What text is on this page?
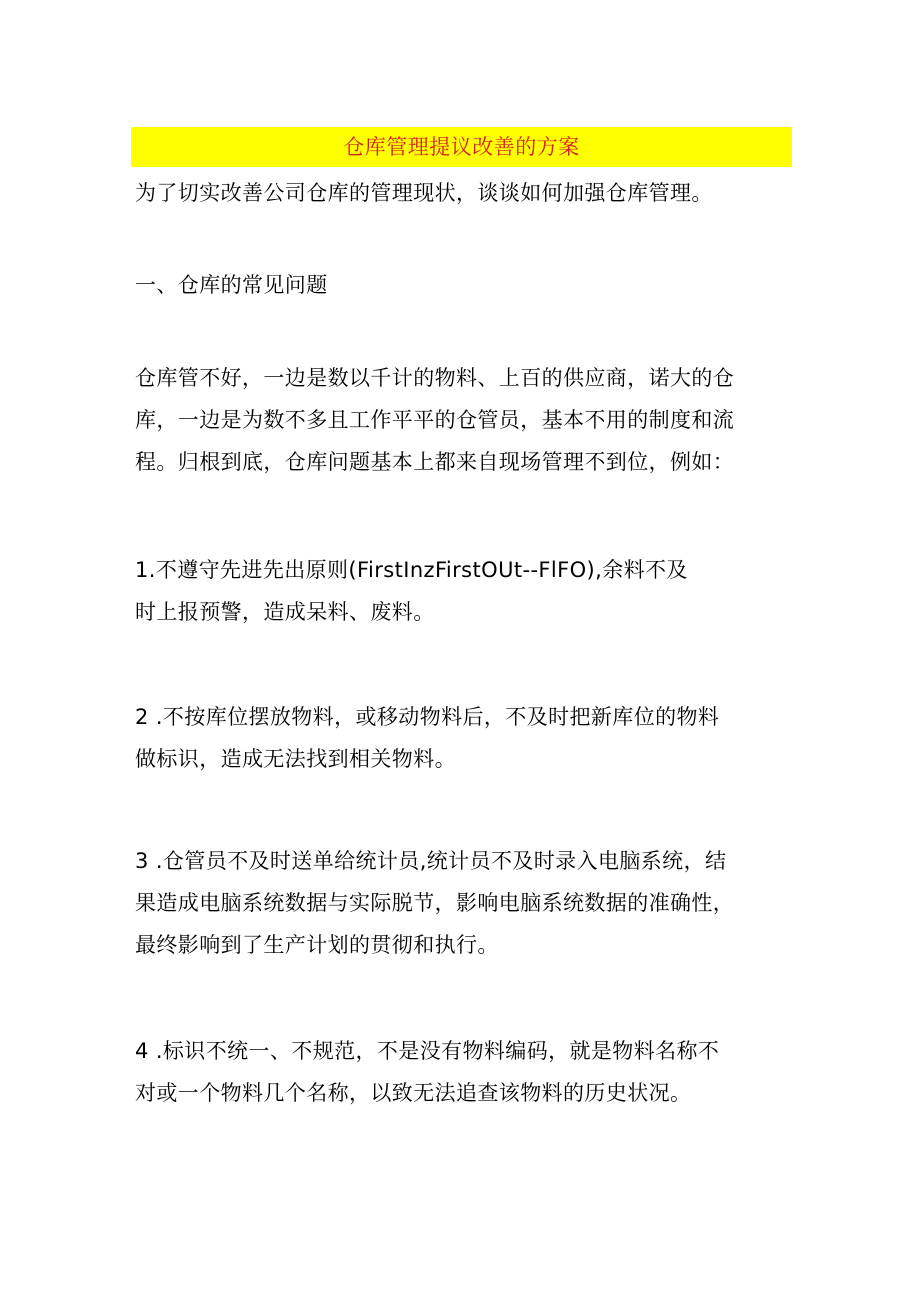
仓库管理提议改善的方案
为了切实改善公司仓库的管理现状，谈谈如何加强仓库管理。
一、仓库的常见问题
仓库管不好，一边是数以千计的物料、上百的供应商，诺大的仓
库，一边是为数不多且工作平平的仓管员，基本不用的制度和流
程。归根到底，仓库问题基本上都来自现场管理不到位，例如：
1.不遵守先进先出原则(FirstInzFirstOUt--FlFO),余料不及
时上报预警，造成呆料、废料。
2 .不按库位摆放物料，或移动物料后，不及时把新库位的物料
做标识，造成无法找到相关物料。
3 .仓管员不及时送单给统计员,统计员不及时录入电脑系统，结
果造成电脑系统数据与实际脱节，影响电脑系统数据的准确性，
最终影响到了生产计划的贯彻和执行。
4 .标识不统一、不规范，不是没有物料编码，就是物料名称不
对或一个物料几个名称，以致无法追查该物料的历史状况。
